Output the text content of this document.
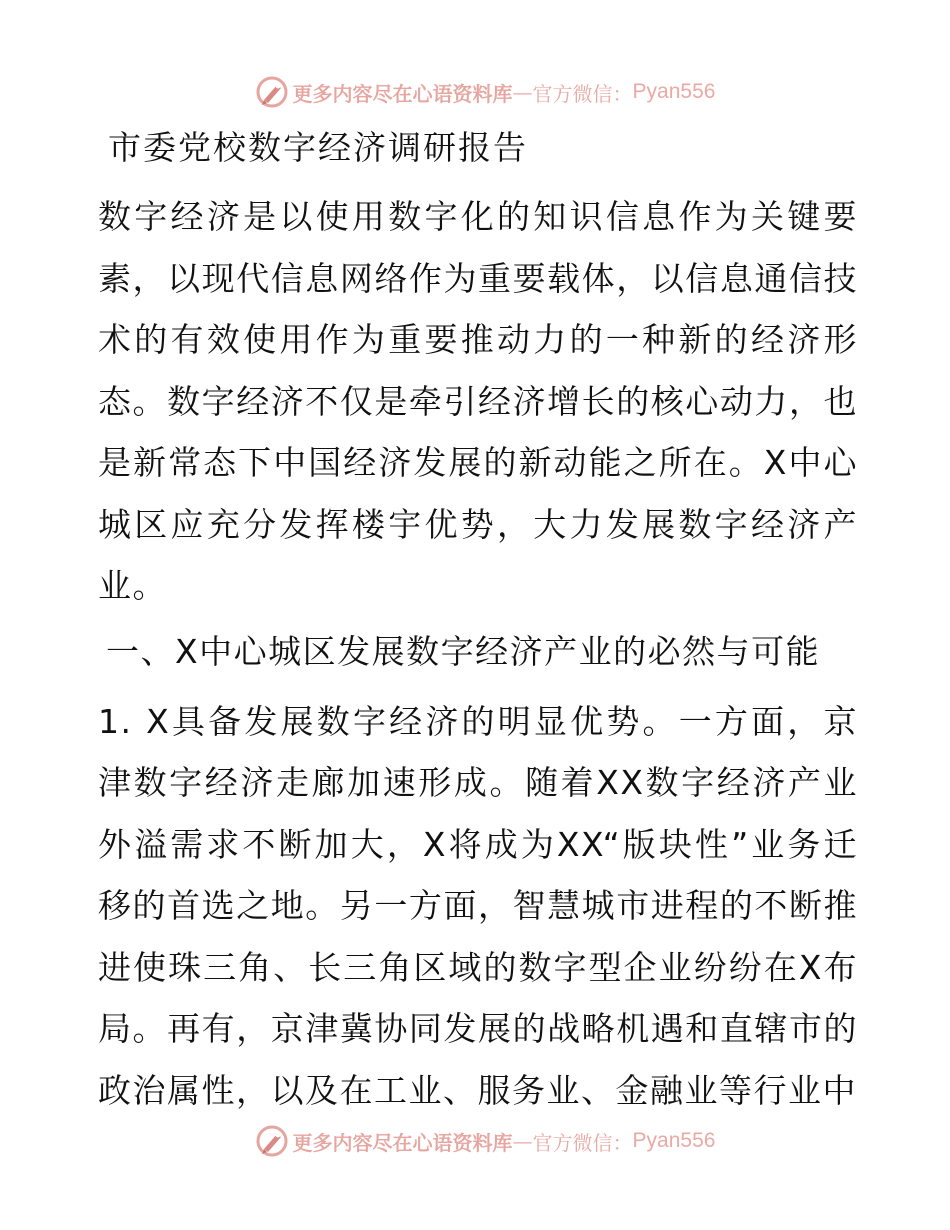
更多内容尽在心语资料库 — 官方微信： Pyan556
市委党校数字经济调研报告

数字经济是以使用数字化的知识信息作为关键要素，以现代信息网络作为重要载体，以信息通信技术的有效使用作为重要推动力的一种新的经济形态。数字经济不仅是牵引经济增长的核心动力，也是新常态下中国经济发展的新动能之所在。X中心城区应充分发挥楼宇优势，大力发展数字经济产业。

一、X中心城区发展数字经济产业的必然与可能

1. X具备发展数字经济的明显优势。一方面，京津数字经济走廊加速形成。随着XX数字经济产业外溢需求不断加大，X将成为XX“版块性”业务迁移的首选之地。另一方面，智慧城市进程的不断推进使珠三角、长三角区域的数字型企业纷纷在X布局。再有，京津冀协同发展的战略机遇和直辖市的政治属性，以及在工业、服务业、金融业等行业中

更多内容尽在心语资料库 — 官方微信： Pyan556
